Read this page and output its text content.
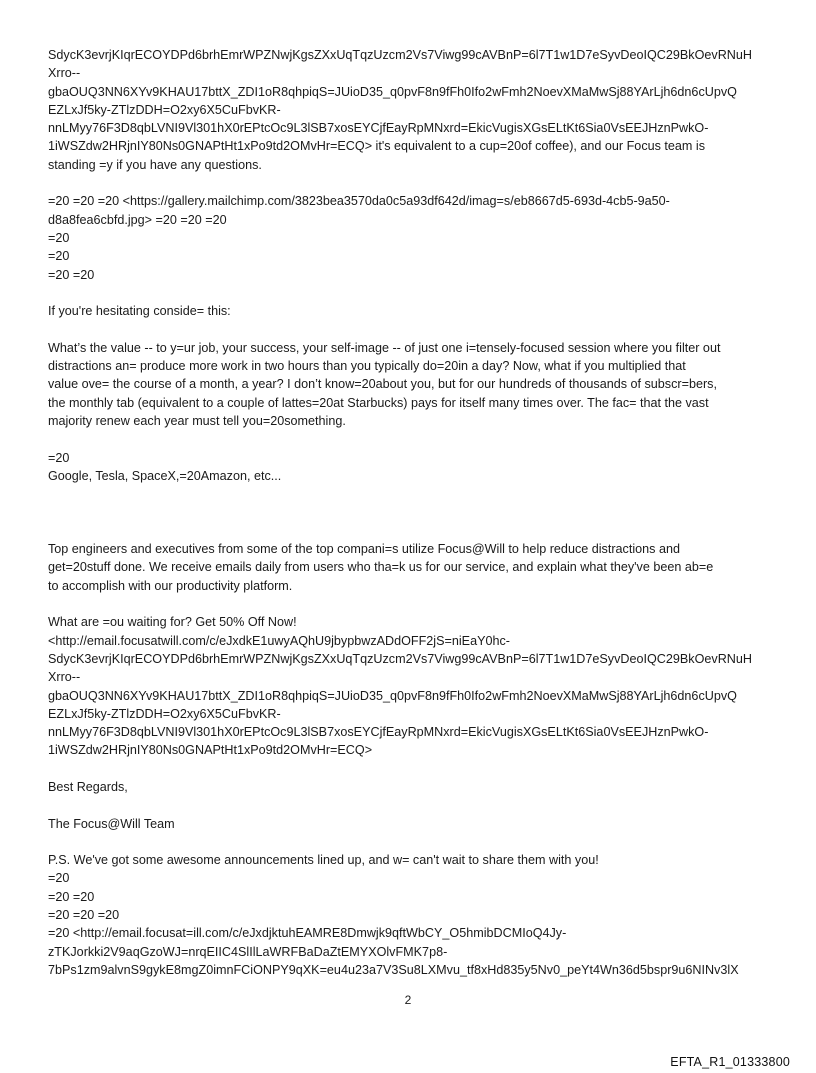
SdycK3evrjKIqrECOYDPd6brhEmrWPZNwjKgsZXxUqTqzUzcm2Vs7Viwg99cAVBnP=6l7T1w1D7eSyvDeoIQC29BkOevRNuH
Xrro--
gbaOUQ3NN6XYv9KHAU17bttX_ZDI1oR8qhpiqS=JUioD35_q0pvF8n9fFh0Ifo2wFmh2NoevXMaMwSj88YArLjh6dn6cUpvQ
EZLxJf5ky-ZTlzDDH=O2xy6X5CuFbvKR-
nnLMyy76F3D8qbLVNI9Vl301hX0rEPtcOc9L3lSB7xosEYCjfEayRpMNxrd=EkicVugisXGsELtKt6Sia0VsEEJHznPwkO-
1iWSZdw2HRjnIY80Ns0GNAPtHt1xPo9td2OMvHr=ECQ> it's equivalent to a cup=20of coffee), and our Focus team is
standing =y if you have any questions.
=20 =20 =20 <https://gallery.mailchimp.com/3823bea3570da0c5a93df642d/imag=s/eb8667d5-693d-4cb5-9a50-
d8a8fea6cbfd.jpg> =20 =20 =20
=20
=20
=20 =20
If you're hesitating conside= this:
What’s the value -- to y=ur job, your success, your self-image -- of just one i=tensely-focused session where you filter out
distractions an= produce more work in two hours than you typically do=20in a day? Now, what if you multiplied that
value ove= the course of a month, a year? I don’t know=20about you, but for our hundreds of thousands of subscr=bers,
the monthly tab (equivalent to a couple of lattes=20at Starbucks) pays for itself many times over. The fac= that the vast
majority renew each year must tell you=20something.
=20
Google, Tesla, SpaceX,=20Amazon, etc...
Top engineers and executives from some of the top compani=s utilize Focus@Will to help reduce distractions and
get=20stuff done. We receive emails daily from users who tha=k us for our service, and explain what they've been ab=e
to accomplish with our productivity platform.
What are =ou waiting for? Get 50% Off Now!
<http://email.focusatwill.com/c/eJxdkE1uwyAQhU9jbypbwzADdOFF2jS=niEaY0hc-
SdycK3evrjKIqrECOYDPd6brhEmrWPZNwjKgsZXxUqTqzUzcm2Vs7Viwg99cAVBnP=6l7T1w1D7eSyvDeoIQC29BkOevRNuH
Xrro--
gbaOUQ3NN6XYv9KHAU17bttX_ZDI1oR8qhpiqS=JUioD35_q0pvF8n9fFh0Ifo2wFmh2NoevXMaMwSj88YArLjh6dn6cUpvQ
EZLxJf5ky-ZTlzDDH=O2xy6X5CuFbvKR-
nnLMyy76F3D8qbLVNI9Vl301hX0rEPtcOc9L3lSB7xosEYCjfEayRpMNxrd=EkicVugisXGsELtKt6Sia0VsEEJHznPwkO-
1iWSZdw2HRjnIY80Ns0GNAPtHt1xPo9td2OMvHr=ECQ>
Best Regards,
The Focus@Will Team
P.S. We've got some awesome announcements lined up, and w= can't wait to share them with you!
=20
=20 =20
=20 =20 =20
=20 <http://email.focusat=ill.com/c/eJxdjktuhEAMRE8Dmwjk9qftWbCY_O5hmibDCMIoQ4Jy-
zTKJorkki2V9aqGzoWJ=nrqEIIC4SlIlLaWRFBaDaZtEMYXOlvFMK7p8-
7bPs1zm9alvnS9gykE8mgZ0imnFCiONPY9qXK=eu4u23a7V3Su8LXMvu_tf8xHd835y5Nv0_peYt4Wn36d5bspr9u6NINv3lX
2
EFTA_R1_01333800
